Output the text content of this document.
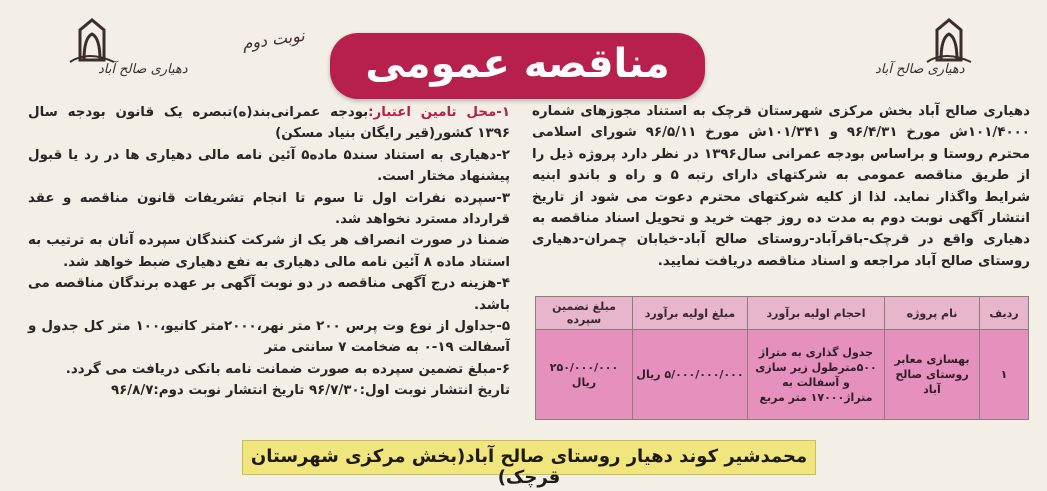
دهیاری صالح آباد	دهیاری صالح آباد
مناقصه عمومی
نوبت دوم

دهیاری صالح آباد بخش مرکزی شهرستان قرچک به استناد مجوزهای شماره ۱۰۱/۴۰۰۰ش مورخ ۹۶/۴/۳۱ و ۱۰۱/۳۴۱ش مورخ ۹۶/۵/۱۱ شورای اسلامی محترم روستا و براساس بودجه عمرانی سال۱۳۹۶ در نظر دارد پروژه ذیل را از طریق مناقصه عمومی به شرکتهای دارای رتبه ۵ و راه و باندو ابنیه شرایط واگذار نماید. لذا از کلیه شرکتهای محترم دعوت می شود از تاریخ انتشار آگهی نوبت دوم به مدت ده روز جهت خرید و تحویل اسناد مناقصه به دهیاری واقع در قرچک-باقرآباد-روستای صالح آباد-خیابان چمران-دهیاری روستای صالح آباد مراجعه و اسناد مناقصه دریافت نمایید.

۱-محل تامین اعتبار:بودجه عمرانی‌بند(ه)تبصره یک قانون بودجه سال ۱۳۹۶ کشور(قیر رایگان بنیاد مسکن)

۲-دهیاری به استناد سند۵ ماده۵ آئین نامه مالی دهیاری ها در رد یا قبول پیشنهاد مختار است.

۳-سپرده نفرات اول تا سوم تا انجام تشریفات قانون مناقصه و عقد قرارداد مسترد نخواهد شد.

ضمنا در صورت انصراف هر یک از شرکت کنندگان سپرده آنان به ترتیب به استناد ماده ۸ آئین نامه مالی دهیاری به نفع دهیاری ضبط خواهد شد.

۴-هزینه درج آگهی مناقصه در دو نوبت آگهی بر عهده برندگان مناقصه می باشد.

۵-جداول از نوع وت پرس ۲۰۰ متر نهر،۲۰۰۰متر کانیو،۱۰۰ متر کل جدول و آسفالت ۱۹-۰ به ضخامت ۷ سانتی متر

۶-مبلغ تضمین سپرده به صورت ضمانت نامه بانکی دریافت می گردد.

تاریخ انتشار نوبت اول:۹۶/۷/۳۰ تاریخ انتشار نوبت دوم:۹۶/۸/۷

ردیف	نام پروژه	احجام اولیه برآورد	مبلغ اولیه برآورد	مبلغ تضمین سپرده
۱	بهسازی معابر روستای صالح آباد	جدول گذاری به متراژ ۵۰۰مترطول زیر سازی و آسفالت به متراژ۱۷۰۰۰ متر مربع	۵/۰۰۰/۰۰۰/۰۰۰ ریال	۲۵۰/۰۰۰/۰۰۰ ریال
محمدشیر کوند دهیار روستای صالح آباد(بخش مرکزی شهرستان قرچک)
